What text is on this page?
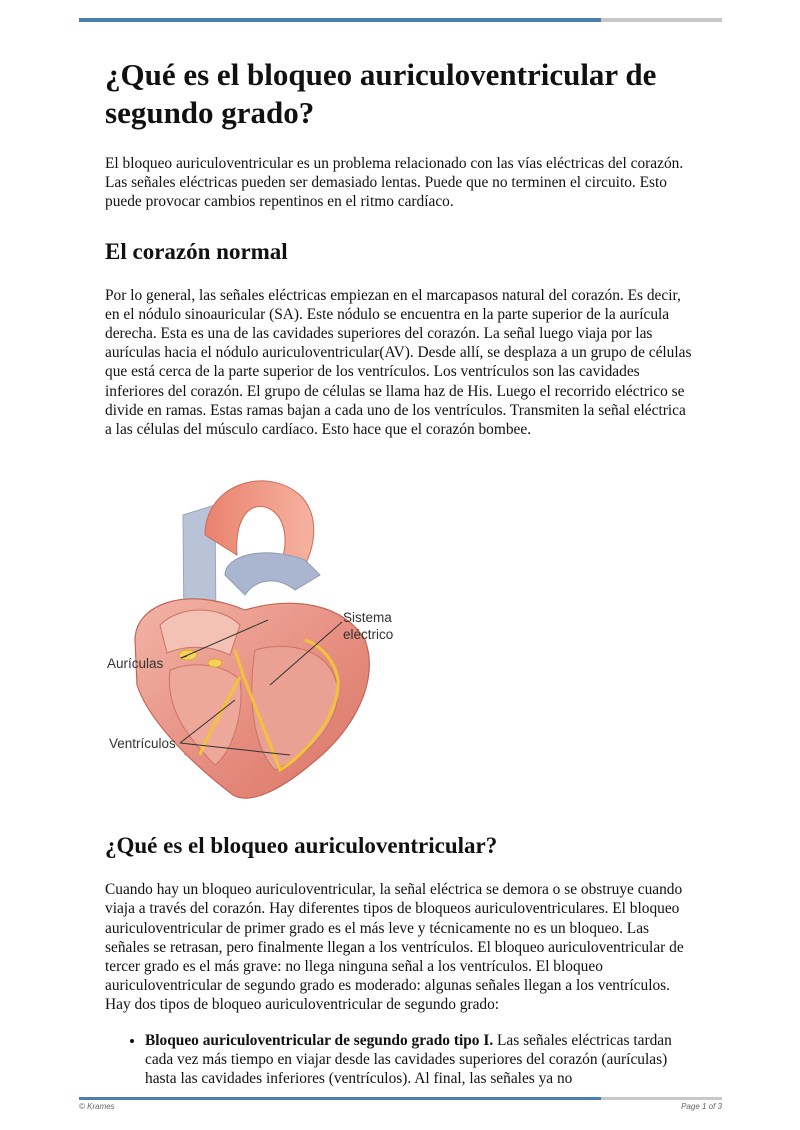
¿Qué es el bloqueo auriculoventricular de segundo grado?

El bloqueo auriculoventricular es un problema relacionado con las vías eléctricas del corazón. Las señales eléctricas pueden ser demasiado lentas. Puede que no terminen el circuito. Esto puede provocar cambios repentinos en el ritmo cardíaco.

El corazón normal

Por lo general, las señales eléctricas empiezan en el marcapasos natural del corazón. Es decir, en el nódulo sinoauricular (SA). Este nódulo se encuentra en la parte superior de la aurícula derecha. Esta es una de las cavidades superiores del corazón. La señal luego viaja por las aurículas hacia el nódulo auriculoventricular(AV). Desde allí, se desplaza a un grupo de células que está cerca de la parte superior de los ventrículos. Los ventrículos son las cavidades inferiores del corazón. El grupo de células se llama haz de His. Luego el recorrido eléctrico se divide en ramas. Estas ramas bajan a cada uno de los ventrículos. Transmiten la señal eléctrica a las células del músculo cardíaco. Esto hace que el corazón bombee.

Aurículas
Sistema
eléctrico
Ventrículos
¿Qué es el bloqueo auriculoventricular?

Cuando hay un bloqueo auriculoventricular, la señal eléctrica se demora o se obstruye cuando viaja a través del corazón. Hay diferentes tipos de bloqueos auriculoventriculares. El bloqueo auriculoventricular de primer grado es el más leve y técnicamente no es un bloqueo. Las señales se retrasan, pero finalmente llegan a los ventrículos. El bloqueo auriculoventricular de tercer grado es el más grave: no llega ninguna señal a los ventrículos. El bloqueo auriculoventricular de segundo grado es moderado: algunas señales llegan a los ventrículos. Hay dos tipos de bloqueo auriculoventricular de segundo grado:

• Bloqueo auriculoventricular de segundo grado tipo I. Las señales eléctricas tardan cada vez más tiempo en viajar desde las cavidades superiores del corazón (aurículas) hasta las cavidades inferiores (ventrículos). Al final, las señales ya no
© Krames	Page 1 of 3
